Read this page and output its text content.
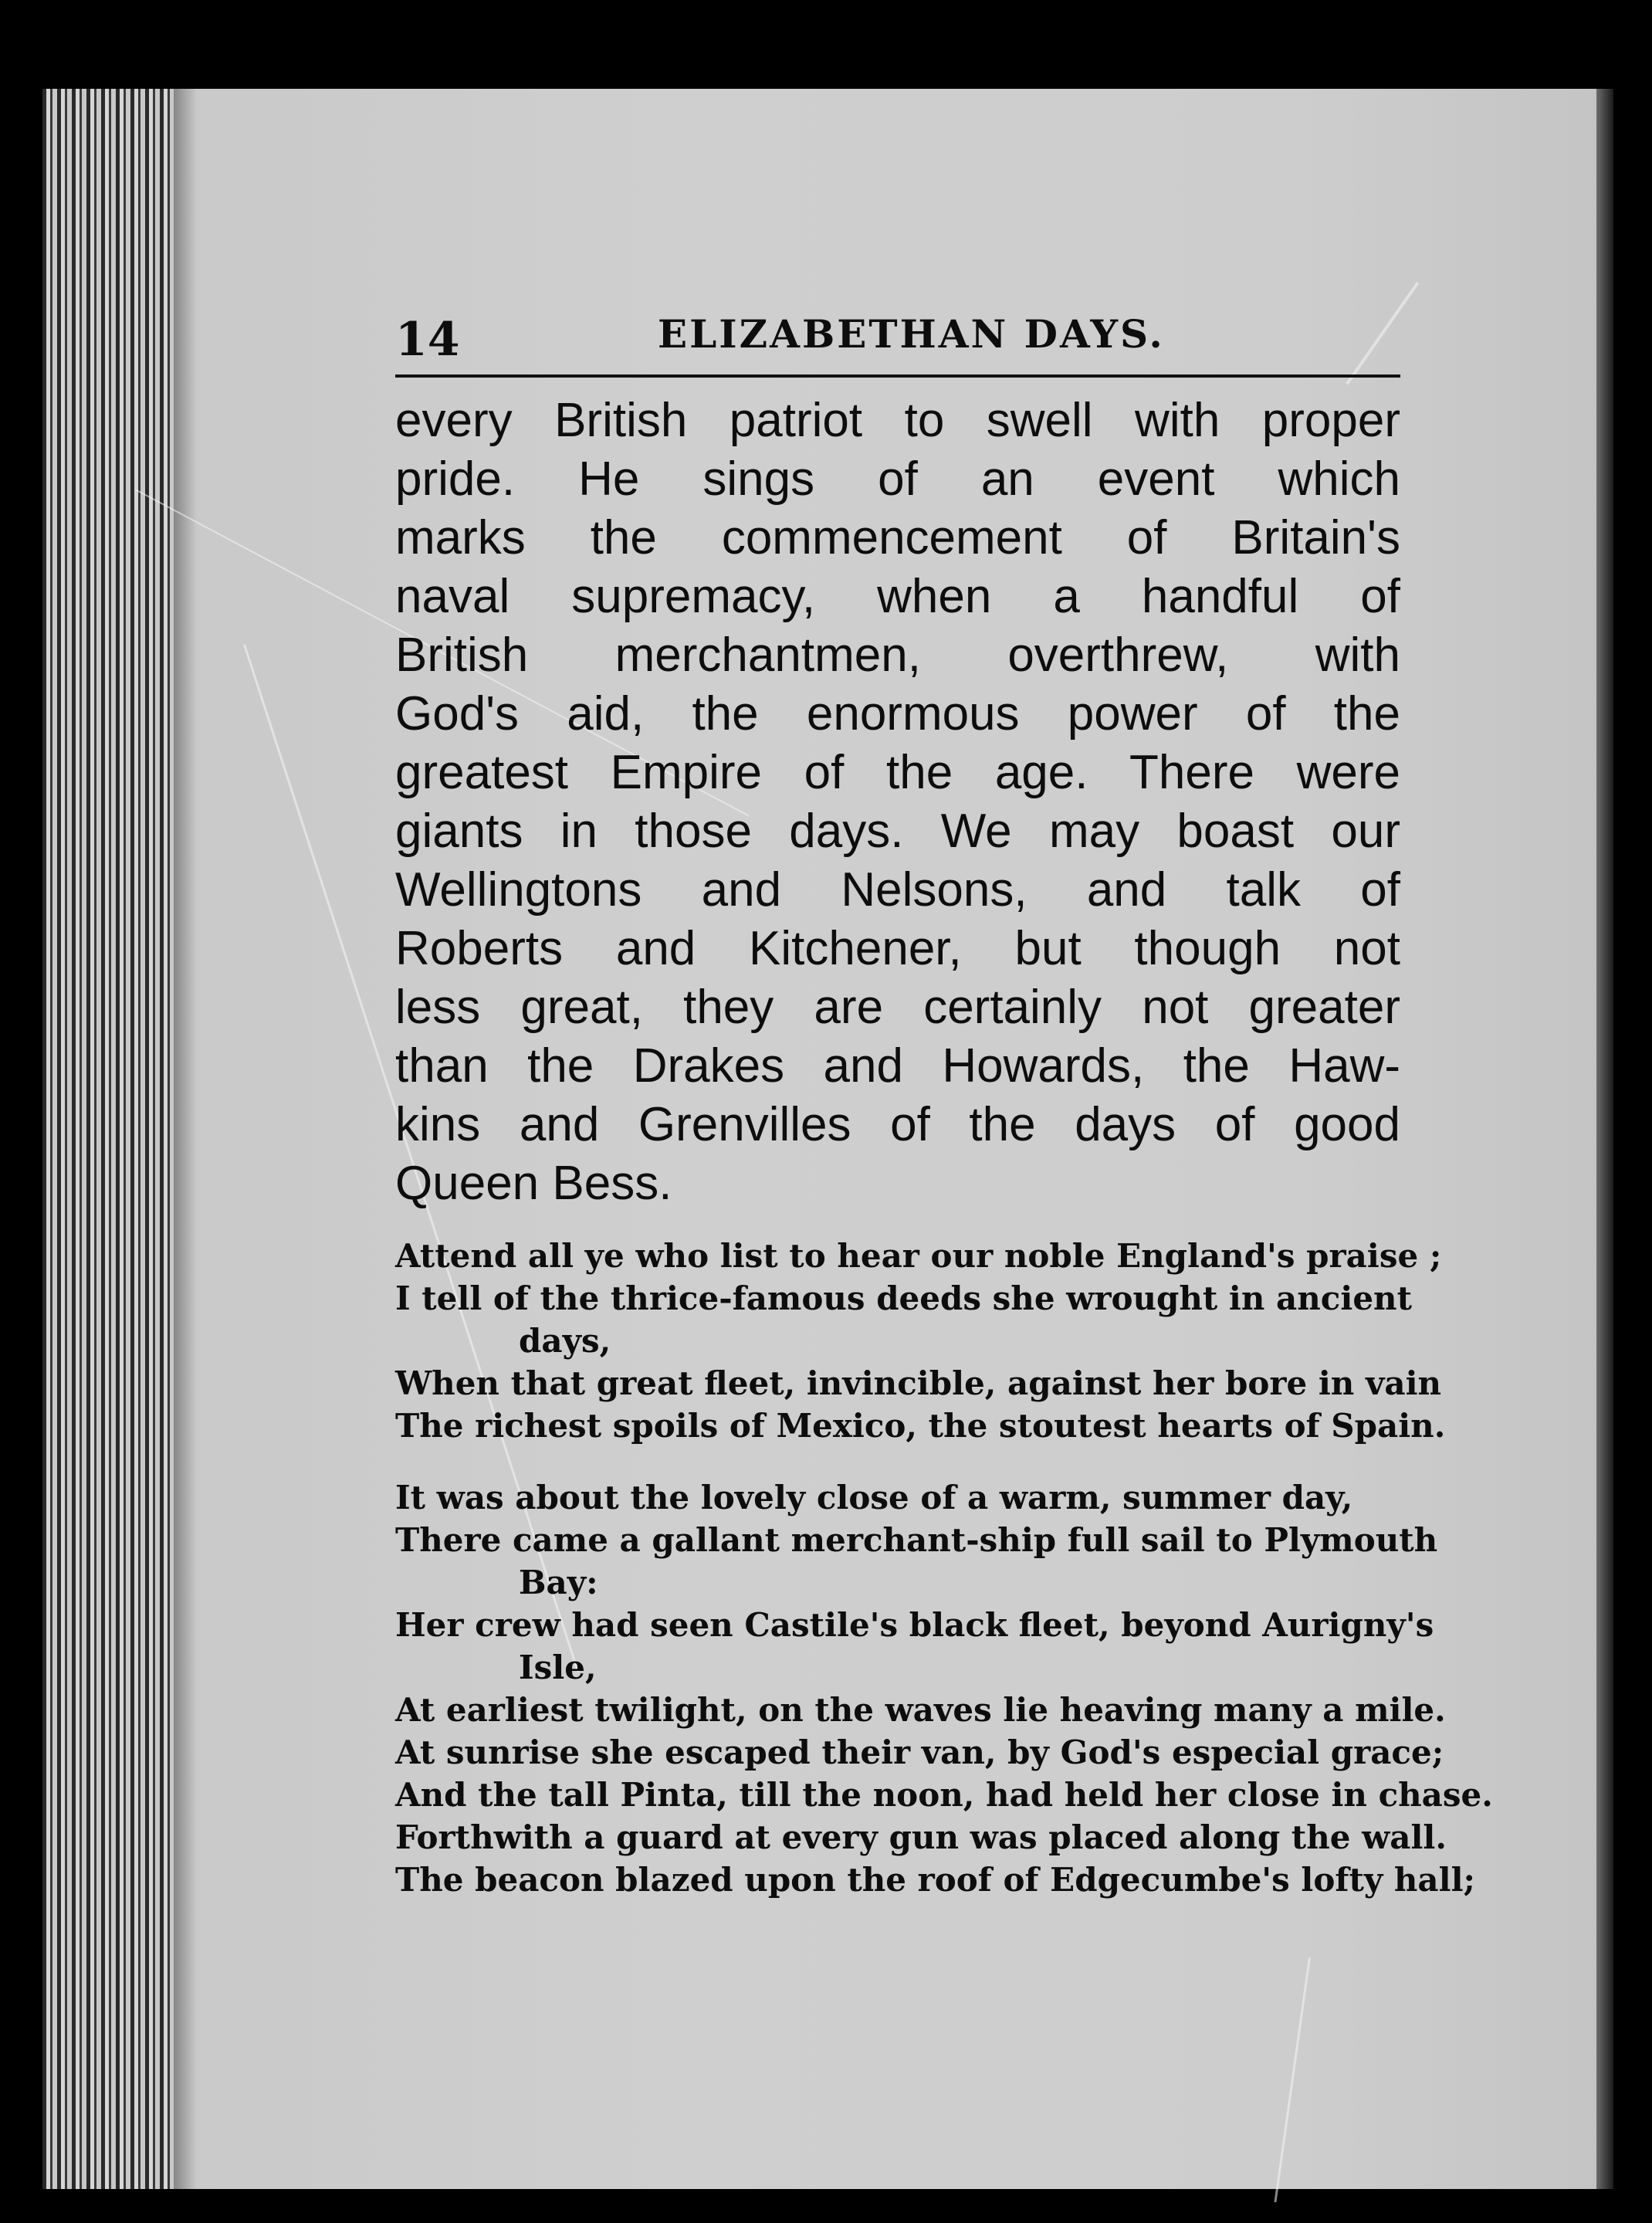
14	ELIZABETHAN DAYS.
every British patriot to swell with proper
pride. He sings of an event which
marks the commencement of Britain's
naval supremacy, when a handful of
British merchantmen, overthrew, with
God's aid, the enormous power of the
greatest Empire of the age. There were
giants in those days. We may boast our
Wellingtons and Nelsons, and talk of
Roberts and Kitchener, but though not
less great, they are certainly not greater
than the Drakes and Howards, the Haw-
kins and Grenvilles of the days of good
Queen Bess.
Attend all ye who list to hear our noble England's praise ;
I tell of the thrice-famous deeds she wrought in ancient
days,
When that great fleet, invincible, against her bore in vain
The richest spoils of Mexico, the stoutest hearts of Spain.
It was about the lovely close of a warm, summer day,
There came a gallant merchant-ship full sail to Plymouth
Bay:
Her crew had seen Castile's black fleet, beyond Aurigny's
Isle,
At earliest twilight, on the waves lie heaving many a mile.
At sunrise she escaped their van, by God's especial grace;
And the tall Pinta, till the noon, had held her close in chase.
Forthwith a guard at every gun was placed along the wall.
The beacon blazed upon the roof of Edgecumbe's lofty hall;
